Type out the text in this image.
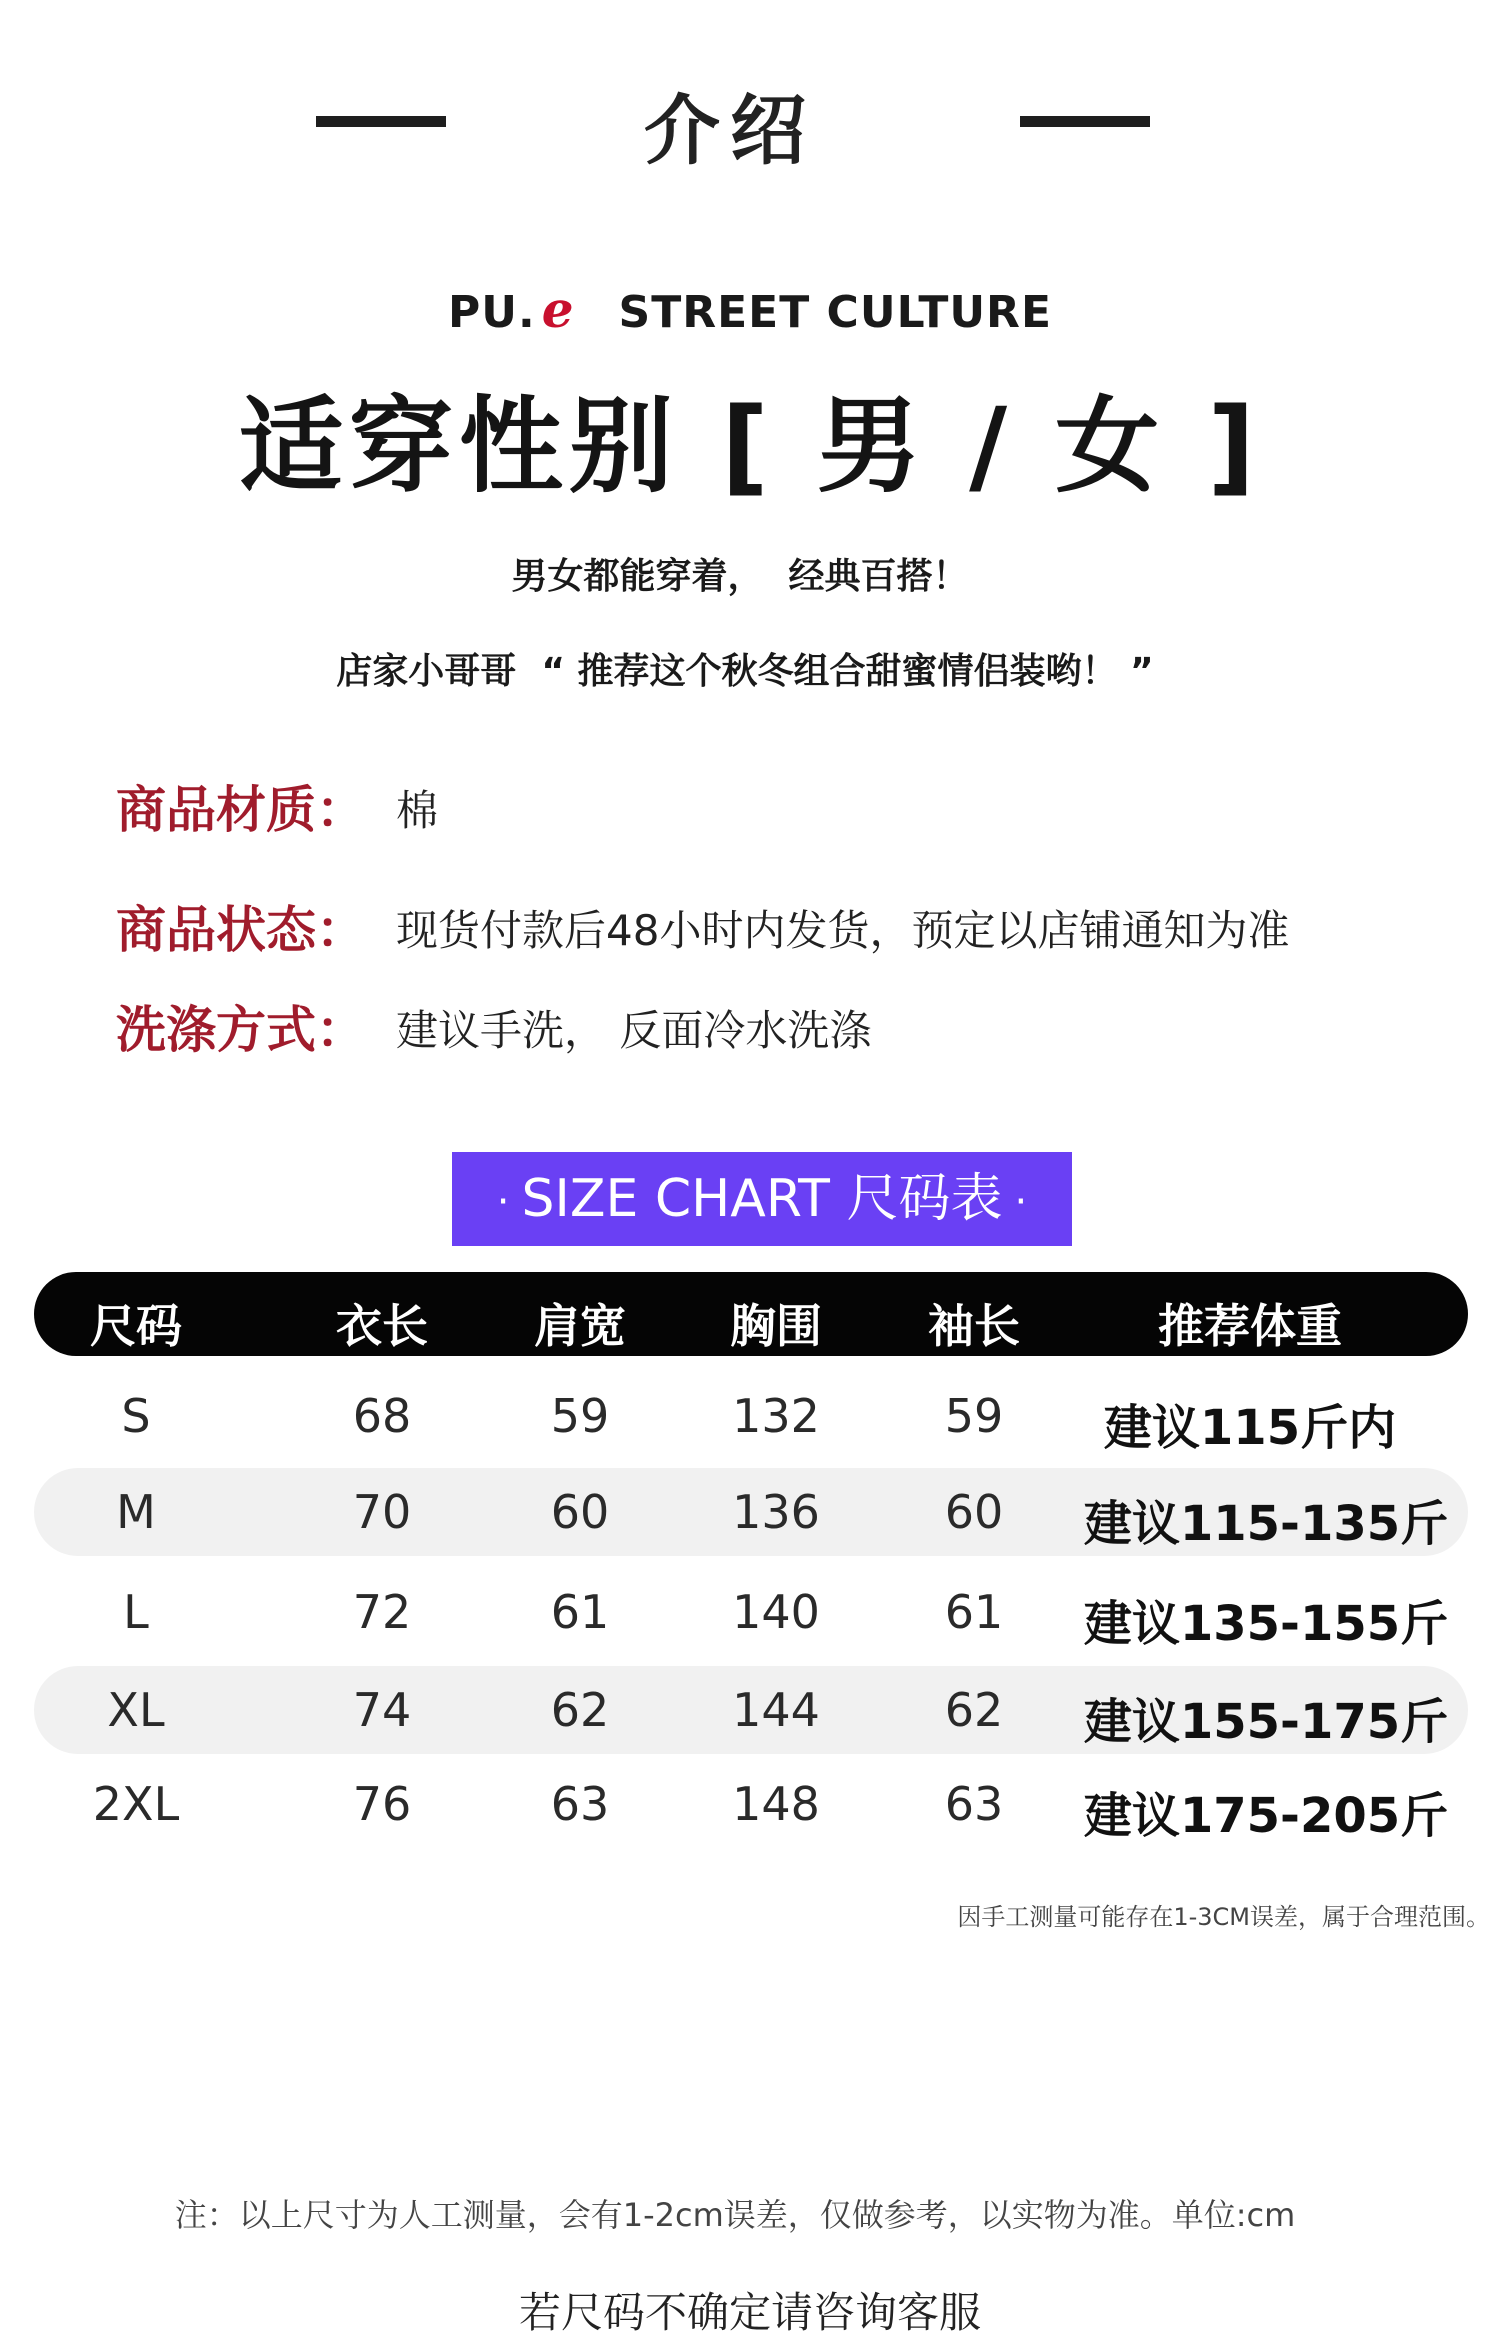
介绍
PU. e STREET CULTURE
适穿性别 [ 男 / 女 ]
男女都能穿着，  经典百搭！
店家小哥哥  “ 推荐这个秋冬组合甜蜜情侣装哟！ ”
商品材质： 棉
商品状态： 现货付款后48小时内发货，预定以店铺通知为准
洗涤方式： 建议手洗， 反面冷水洗涤
· SIZE CHART 尺码表 ·
尺码	衣长 肩宽 胸围 袖长	推荐体重
S	68	59	132	59 建议115斤内
M	70	60	136	60 建议115-135斤
L	72	61	140	61 建议135-155斤
XL	74	62	144	62 建议155-175斤
2XL	76	63	148	63 建议175-205斤
因手工测量可能存在1-3CM误差，属于合理范围。
注：以上尺寸为人工测量，会有1-2cm误差，仅做参考，以实物为准。单位:cm
若尺码不确定请咨询客服
